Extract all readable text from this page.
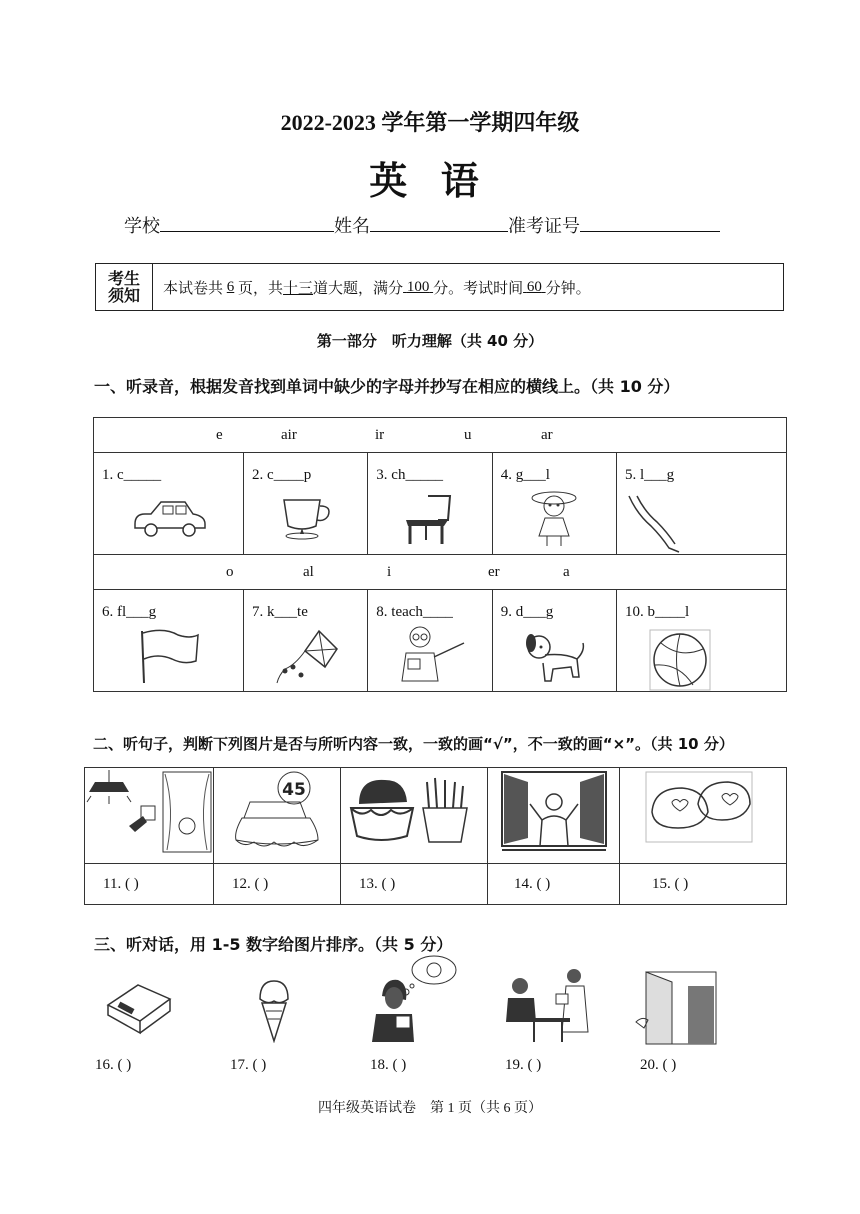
2022-2023 学年第一学期四年级
英 语
学校	姓名	准考证号
考生须知 本试卷共
6
页，共 十三 道大题，满分 100 分。考试时间 60 分钟。
第一部分　听力理解（共 40 分）
一、听录音，根据发音找到单词中缺少的字母并抄写在相应的横线上。（共 10 分）
e air ir u ar				

1. c_____	2. c____p	3. ch_____	4. g___l	5. l___g

o al i er a				

6. fl___g	7. k___te	8. teach____	9. d___g	10. b____l
二、听句子，判断下列图片是否与所听内容一致，一致的画“√”，不一致的画“×”。（共 10 分）

45

11. ( )	12. ( )	13. ( )	14. ( )	15. ( )
三、听对话，用 1-5 数字给图片排序。（共 5 分）
16. ( )	17. ( )	18. ( )	19. ( )	20. ( )
四年级英语试卷　第 1 页（共 6 页）
